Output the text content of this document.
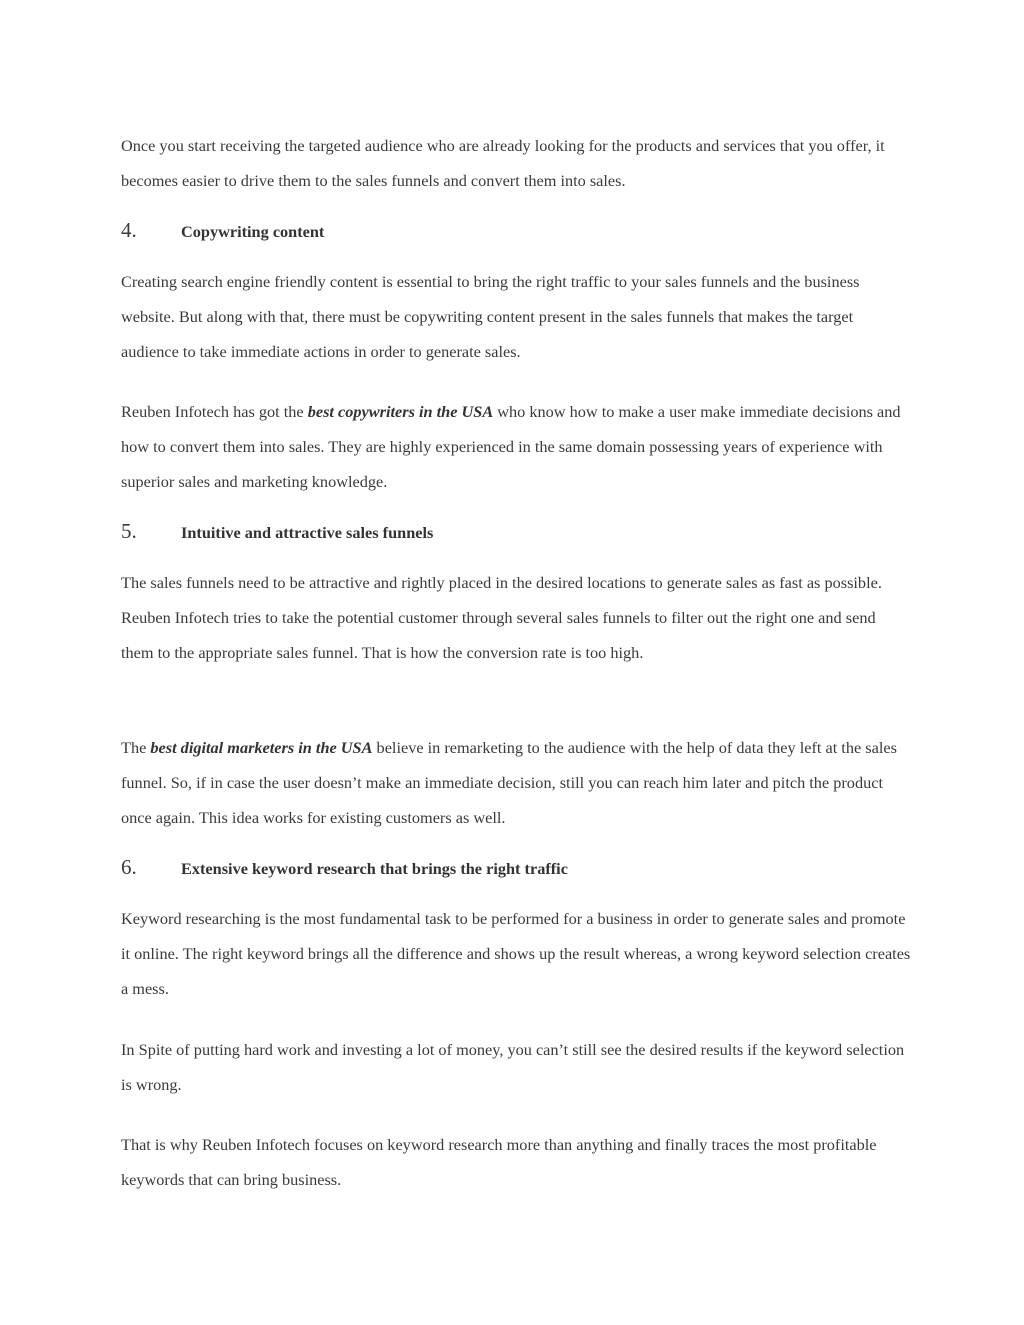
Once you start receiving the targeted audience who are already looking for the products and services that you offer, it becomes easier to drive them to the sales funnels and convert them into sales.

4.	Copywriting content

Creating search engine friendly content is essential to bring the right traffic to your sales funnels and the business website. But along with that, there must be copywriting content present in the sales funnels that makes the target audience to take immediate actions in order to generate sales.

Reuben Infotech has got the best copywriters in the USA who know how to make a user make immediate decisions and how to convert them into sales. They are highly experienced in the same domain possessing years of experience with superior sales and marketing knowledge.

5.	Intuitive and attractive sales funnels

The sales funnels need to be attractive and rightly placed in the desired locations to generate sales as fast as possible. Reuben Infotech tries to take the potential customer through several sales funnels to filter out the right one and send them to the appropriate sales funnel. That is how the conversion rate is too high.

The best digital marketers in the USA believe in remarketing to the audience with the help of data they left at the sales funnel. So, if in case the user doesn’t make an immediate decision, still you can reach him later and pitch the product once again. This idea works for existing customers as well.

6.	Extensive keyword research that brings the right traffic

Keyword researching is the most fundamental task to be performed for a business in order to generate sales and promote it online. The right keyword brings all the difference and shows up the result whereas, a wrong keyword selection creates a mess.

In Spite of putting hard work and investing a lot of money, you can’t still see the desired results if the keyword selection is wrong.

That is why Reuben Infotech focuses on keyword research more than anything and finally traces the most profitable keywords that can bring business.
